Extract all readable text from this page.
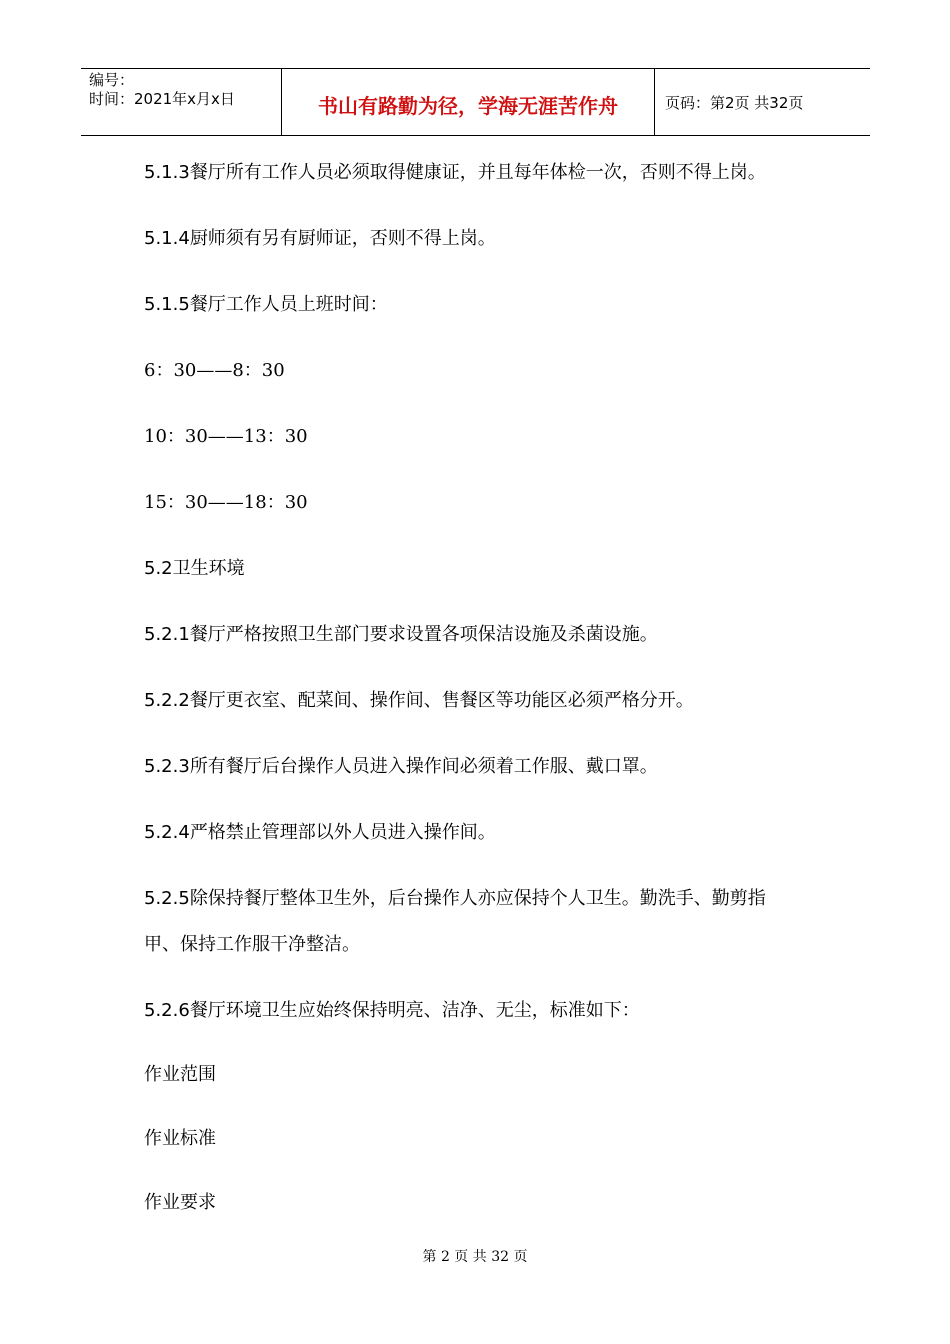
编号：
时间：2021年x月x日	书山有路勤为径，学海无涯苦作舟	页码：第2页 共32页
5.1.3餐厅所有工作人员必须取得健康证，并且每年体检一次，否则不得上岗。
5.1.4厨师须有另有厨师证，否则不得上岗。
5.1.5餐厅工作人员上班时间：
6：30——8：30
10：30——13：30
15：30——18：30
5.2卫生环境
5.2.1餐厅严格按照卫生部门要求设置各项保洁设施及杀菌设施。
5.2.2餐厅更衣室、配菜间、操作间、售餐区等功能区必须严格分开。
5.2.3所有餐厅后台操作人员进入操作间必须着工作服、戴口罩。
5.2.4严格禁止管理部以外人员进入操作间。
5.2.5除保持餐厅整体卫生外，后台操作人亦应保持个人卫生。勤洗手、勤剪指
甲、保持工作服干净整洁。
5.2.6餐厅环境卫生应始终保持明亮、洁净、无尘，标准如下：
作业范围
作业标准
作业要求
第 2 页 共 32 页
